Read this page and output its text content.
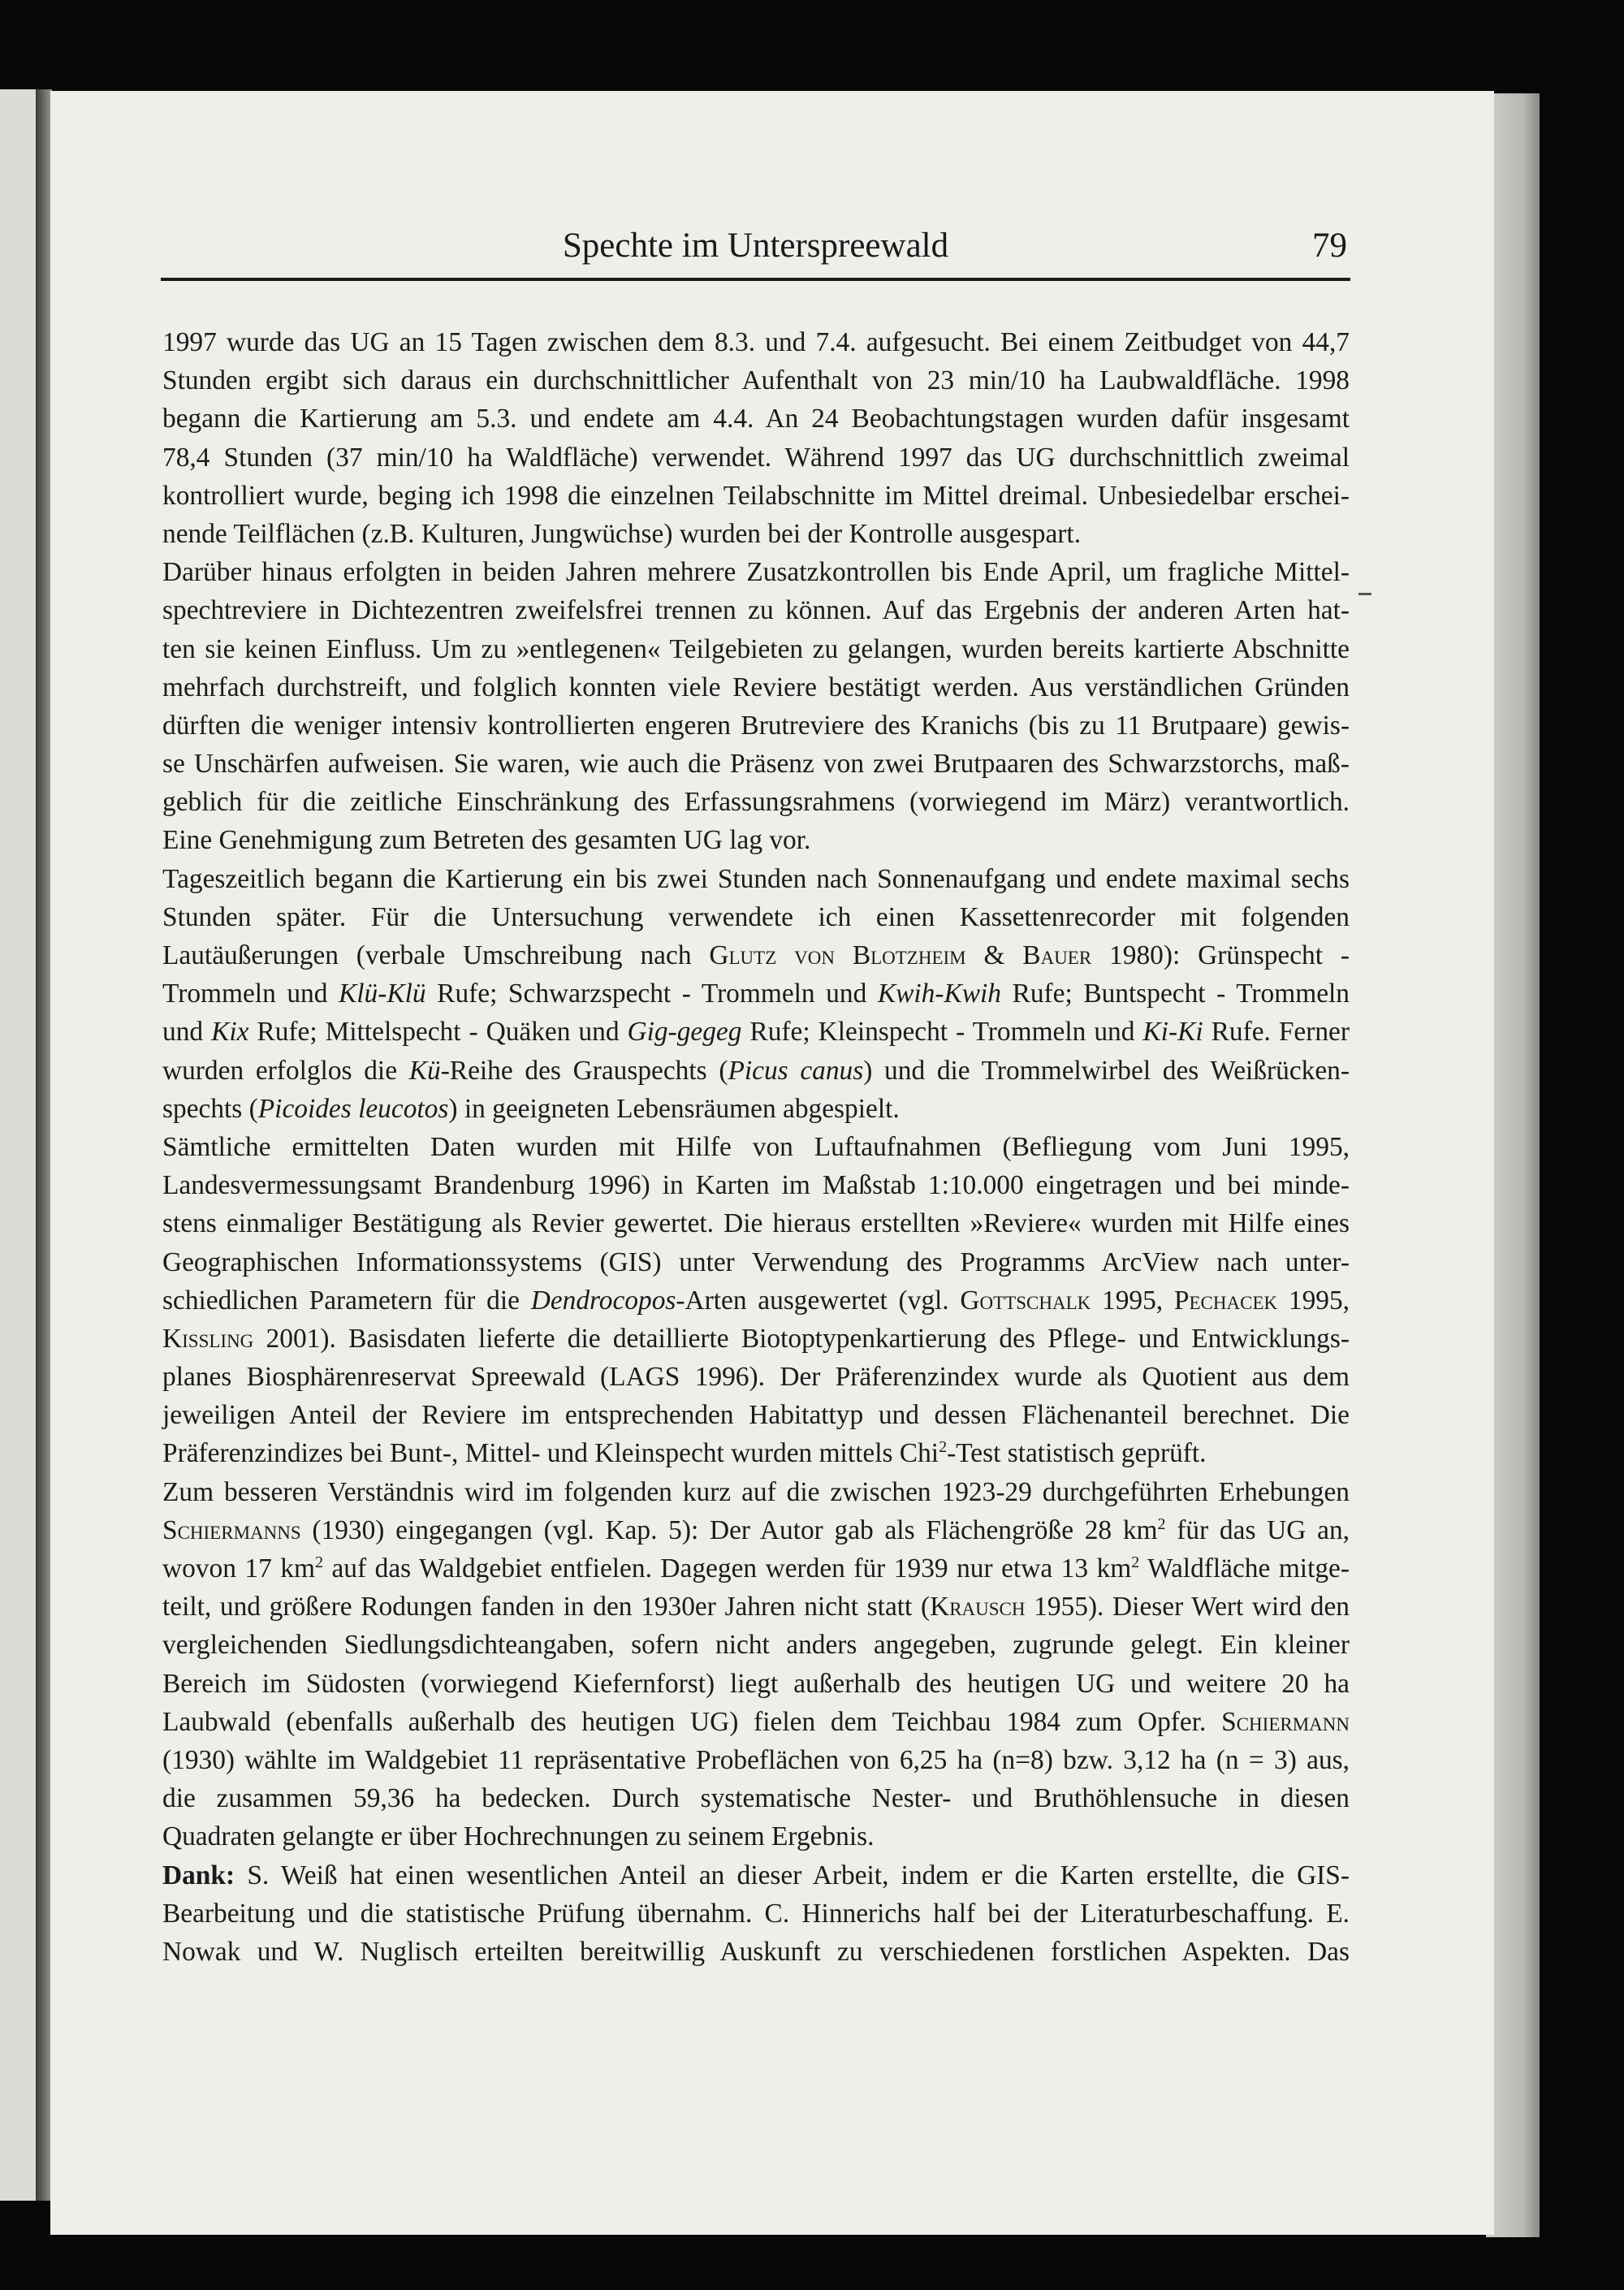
Spechte im Unterspreewald	79
1997 wurde das UG an 15 Tagen zwischen dem 8.3. und 7.4. aufgesucht. Bei einem Zeitbudget von 44,7
Stunden ergibt sich daraus ein durchschnittlicher Aufenthalt von 23 min/10 ha Laubwaldfläche. 1998
begann die Kartierung am 5.3. und endete am 4.4. An 24 Beobachtungstagen wurden dafür insgesamt
78,4 Stunden (37 min/10 ha Waldfläche) verwendet. Während 1997 das UG durchschnittlich zweimal
kontrolliert wurde, beging ich 1998 die einzelnen Teilabschnitte im Mittel dreimal. Unbesiedelbar erschei-
nende Teilflächen (z.B. Kulturen, Jungwüchse) wurden bei der Kontrolle ausgespart.
Darüber hinaus erfolgten in beiden Jahren mehrere Zusatzkontrollen bis Ende April, um fragliche Mittel-
spechtreviere in Dichtezentren zweifelsfrei trennen zu können. Auf das Ergebnis der anderen Arten hat-
ten sie keinen Einfluss. Um zu »entlegenen« Teilgebieten zu gelangen, wurden bereits kartierte Abschnitte
mehrfach durchstreift, und folglich konnten viele Reviere bestätigt werden. Aus verständlichen Gründen
dürften die weniger intensiv kontrollierten engeren Brutreviere des Kranichs (bis zu 11 Brutpaare) gewis-
se Unschärfen aufweisen. Sie waren, wie auch die Präsenz von zwei Brutpaaren des Schwarzstorchs, maß-
geblich für die zeitliche Einschränkung des Erfassungsrahmens (vorwiegend im März) verantwortlich.
Eine Genehmigung zum Betreten des gesamten UG lag vor.
Tageszeitlich begann die Kartierung ein bis zwei Stunden nach Sonnenaufgang und endete maximal sechs
Stunden später. Für die Untersuchung verwendete ich einen Kassettenrecorder mit folgenden
Lautäußerungen (verbale Umschreibung nach Glutz von Blotzheim & Bauer 1980): Grünspecht -
Trommeln und Klü-Klü Rufe; Schwarzspecht - Trommeln und Kwih-Kwih Rufe; Buntspecht - Trommeln
und Kix Rufe; Mittelspecht - Quäken und Gig-gegeg Rufe; Kleinspecht - Trommeln und Ki-Ki Rufe. Ferner
wurden erfolglos die Kü-Reihe des Grauspechts (Picus canus) und die Trommelwirbel des Weißrücken-
spechts (Picoides leucotos) in geeigneten Lebensräumen abgespielt.
Sämtliche ermittelten Daten wurden mit Hilfe von Luftaufnahmen (Befliegung vom Juni 1995,
Landesvermessungsamt Brandenburg 1996) in Karten im Maßstab 1:10.000 eingetragen und bei minde-
stens einmaliger Bestätigung als Revier gewertet. Die hieraus erstellten »Reviere« wurden mit Hilfe eines
Geographischen Informationssystems (GIS) unter Verwendung des Programms ArcView nach unter-
schiedlichen Parametern für die Dendrocopos-Arten ausgewertet (vgl. Gottschalk 1995, Pechacek 1995,
Kissling 2001). Basisdaten lieferte die detaillierte Biotoptypenkartierung des Pflege- und Entwicklungs-
planes Biosphärenreservat Spreewald (LAGS 1996). Der Präferenzindex wurde als Quotient aus dem
jeweiligen Anteil der Reviere im entsprechenden Habitattyp und dessen Flächenanteil berechnet. Die
Präferenzindizes bei Bunt-, Mittel- und Kleinspecht wurden mittels Chi$^2$-Test statistisch geprüft.
Zum besseren Verständnis wird im folgenden kurz auf die zwischen 1923-29 durchgeführten Erhebungen
Schiermanns (1930) eingegangen (vgl. Kap. 5): Der Autor gab als Flächengröße 28 $km^2$ für das UG an,
wovon 17 $km^2$ auf das Waldgebiet entfielen. Dagegen werden für 1939 nur etwa 13 $km^2$ Waldfläche mitge-
teilt, und größere Rodungen fanden in den 1930er Jahren nicht statt (Krausch 1955). Dieser Wert wird den
vergleichenden Siedlungsdichteangaben, sofern nicht anders angegeben, zugrunde gelegt. Ein kleiner
Bereich im Südosten (vorwiegend Kiefernforst) liegt außerhalb des heutigen UG und weitere 20 ha
Laubwald (ebenfalls außerhalb des heutigen UG) fielen dem Teichbau 1984 zum Opfer. Schiermann
(1930) wählte im Waldgebiet 11 repräsentative Probeflächen von 6,25 ha (n=8) bzw. 3,12 ha (n = 3) aus,
die zusammen 59,36 ha bedecken. Durch systematische Nester- und Bruthöhlensuche in diesen
Quadraten gelangte er über Hochrechnungen zu seinem Ergebnis.
Dank: S. Weiß hat einen wesentlichen Anteil an dieser Arbeit, indem er die Karten erstellte, die GIS-
Bearbeitung und die statistische Prüfung übernahm. C. Hinnerichs half bei der Literaturbeschaffung. E.
Nowak und W. Nuglisch erteilten bereitwillig Auskunft zu verschiedenen forstlichen Aspekten. Das
